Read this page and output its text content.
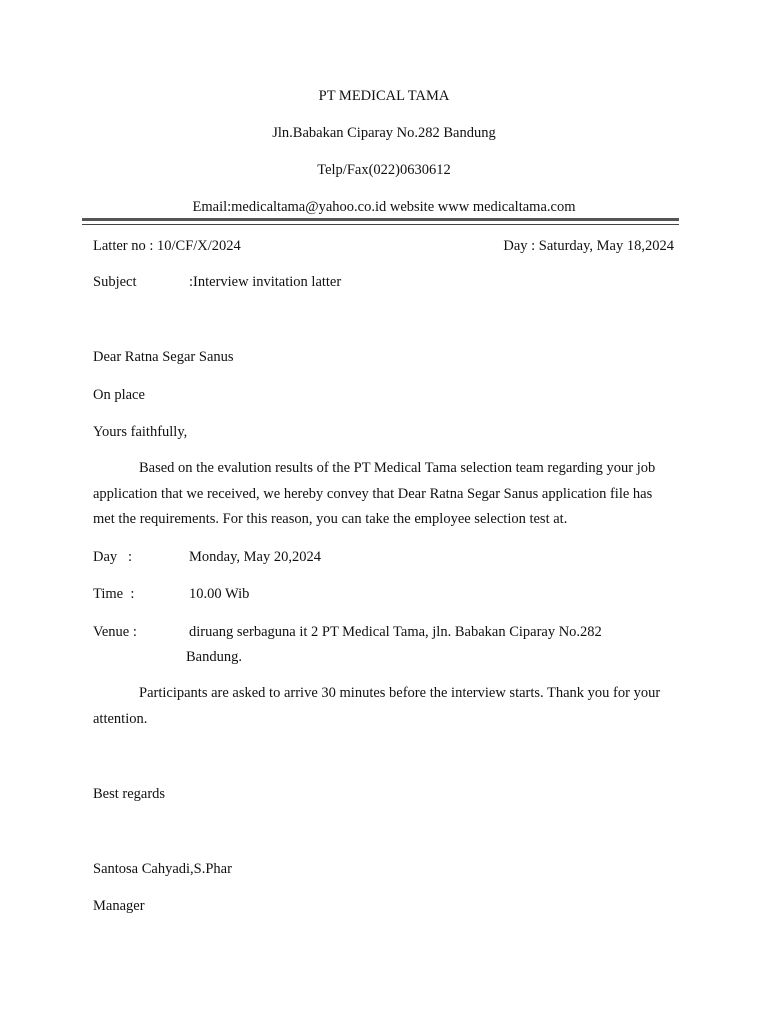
PT MEDICAL TAMA
Jln.Babakan Ciparay No.282 Bandung
Telp/Fax(022)0630612
Email:medicaltama@yahoo.co.id website www medicaltama.com
Latter no : 10/CF/X/2024	Day : Saturday, May 18,2024
Subject	:Interview invitation latter
Dear Ratna Segar Sanus
On place
Yours faithfully,
Based on the evalution results of the PT Medical Tama selection team regarding your job application that we received, we hereby convey that Dear Ratna Segar Sanus application file has met the requirements. For this reason, you can take the employee selection test at.
Day   :	Monday, May 20,2024
Time  :	10.00 Wib
Venue :	diruang serbaguna it 2 PT Medical Tama, jln. Babakan Ciparay No.282
Bandung.
Participants are asked to arrive 30 minutes before the interview starts. Thank you for your attention.
Best regards
Santosa Cahyadi,S.Phar
Manager
